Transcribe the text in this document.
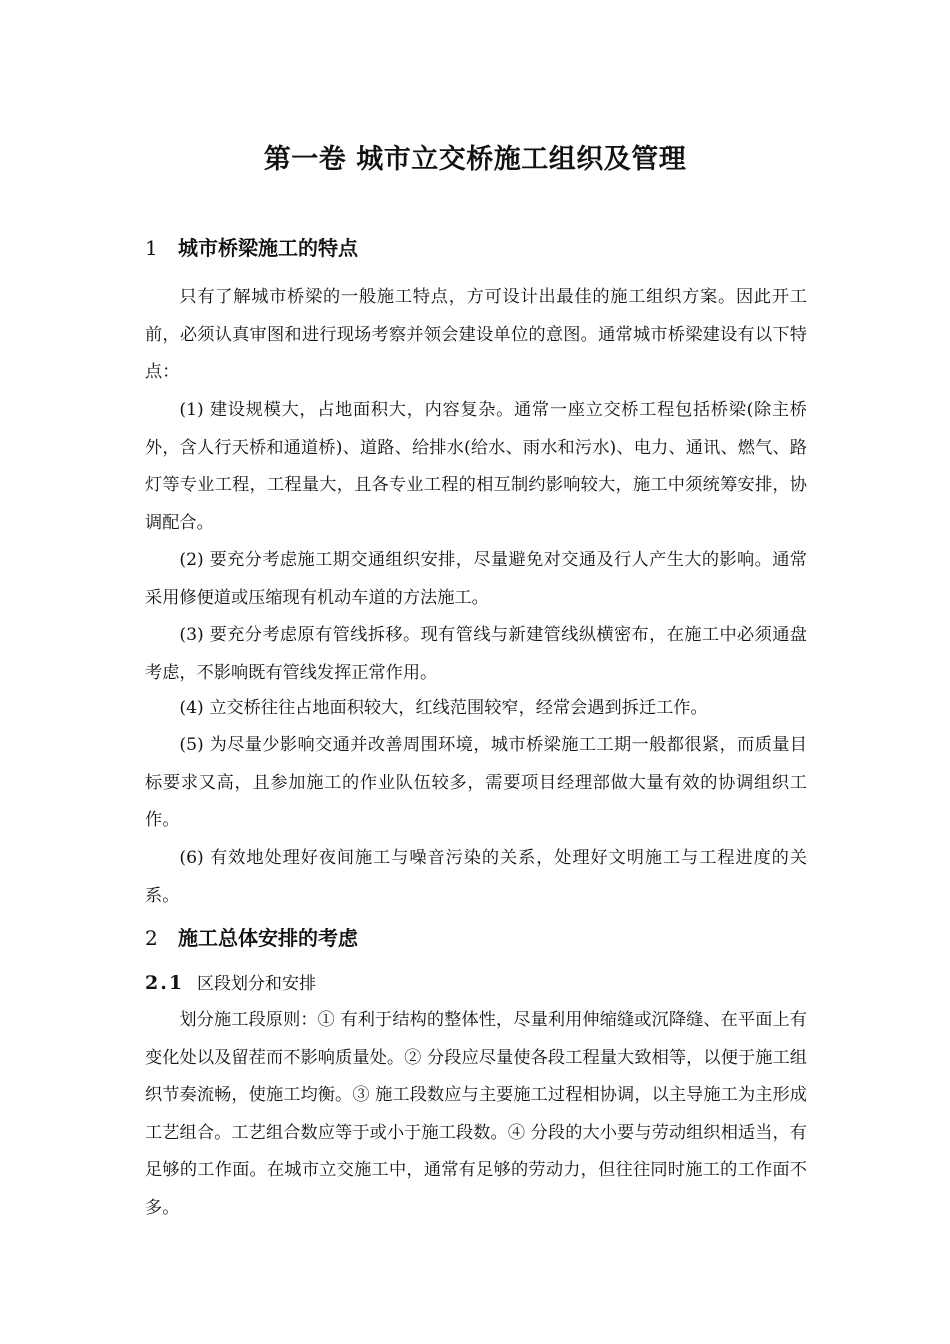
第一卷 城市立交桥施工组织及管理
1 城市桥梁施工的特点

只有了解城市桥梁的一般施工特点，方可设计出最佳的施工组织方案。因此开工前，必须认真审图和进行现场考察并领会建设单位的意图。通常城市桥梁建设有以下特点：

(1) 建设规模大，占地面积大，内容复杂。通常一座立交桥工程包括桥梁(除主桥外，含人行天桥和通道桥)、道路、给排水(给水、雨水和污水)、电力、通讯、燃气、路灯等专业工程，工程量大，且各专业工程的相互制约影响较大，施工中须统筹安排，协调配合。

(2) 要充分考虑施工期交通组织安排，尽量避免对交通及行人产生大的影响。通常采用修便道或压缩现有机动车道的方法施工。

(3) 要充分考虑原有管线拆移。现有管线与新建管线纵横密布，在施工中必须通盘考虑，不影响既有管线发挥正常作用。

(4) 立交桥往往占地面积较大，红线范围较窄，经常会遇到拆迁工作。

(5) 为尽量少影响交通并改善周围环境，城市桥梁施工工期一般都很紧，而质量目标要求又高，且参加施工的作业队伍较多，需要项目经理部做大量有效的协调组织工作。

(6) 有效地处理好夜间施工与噪音污染的关系，处理好文明施工与工程进度的关系。

2 施工总体安排的考虑
2.1 区段划分和安排

划分施工段原则：① 有利于结构的整体性，尽量利用伸缩缝或沉降缝、在平面上有变化处以及留茬而不影响质量处。② 分段应尽量使各段工程量大致相等，以便于施工组织节奏流畅，使施工均衡。③ 施工段数应与主要施工过程相协调，以主导施工为主形成工艺组合。工艺组合数应等于或小于施工段数。④ 分段的大小要与劳动组织相适当，有足够的工作面。在城市立交施工中，通常有足够的劳动力，但往往同时施工的工作面不多。
